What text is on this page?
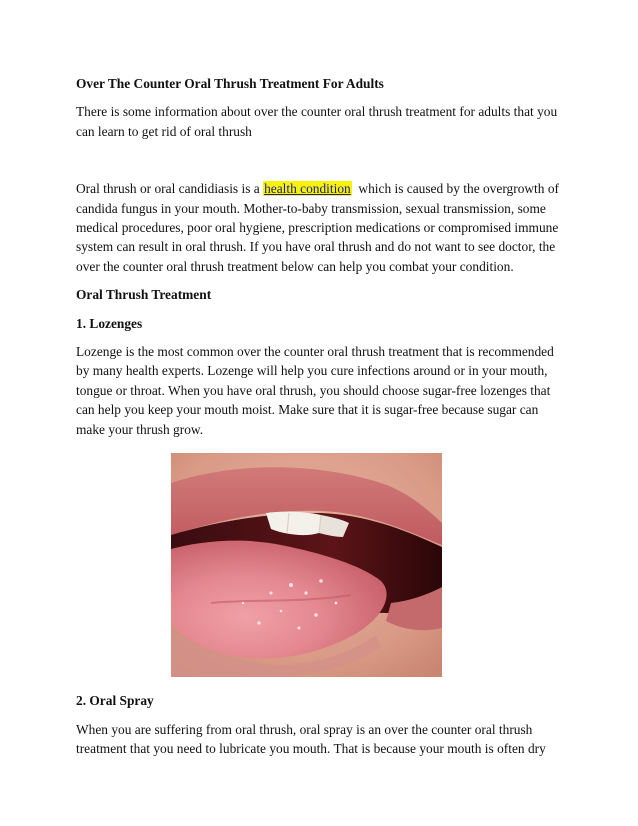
Over The Counter Oral Thrush Treatment For Adults

There is some information about over the counter oral thrush treatment for adults that you can learn to get rid of oral thrush

Oral thrush or oral candidiasis is a health condition  which is caused by the overgrowth of candida fungus in your mouth. Mother-to-baby transmission, sexual transmission, some medical procedures, poor oral hygiene, prescription medications or compromised immune system can result in oral thrush. If you have oral thrush and do not want to see doctor, the over the counter oral thrush treatment below can help you combat your condition.

Oral Thrush Treatment

1. Lozenges

Lozenge is the most common over the counter oral thrush treatment that is recommended by many health experts. Lozenge will help you cure infections around or in your mouth, tongue or throat. When you have oral thrush, you should choose sugar-free lozenges that can help you keep your mouth moist. Make sure that it is sugar-free because sugar can make your thrush grow.

2. Oral Spray

When you are suffering from oral thrush, oral spray is an over the counter oral thrush treatment that you need to lubricate you mouth. That is because your mouth is often dry
